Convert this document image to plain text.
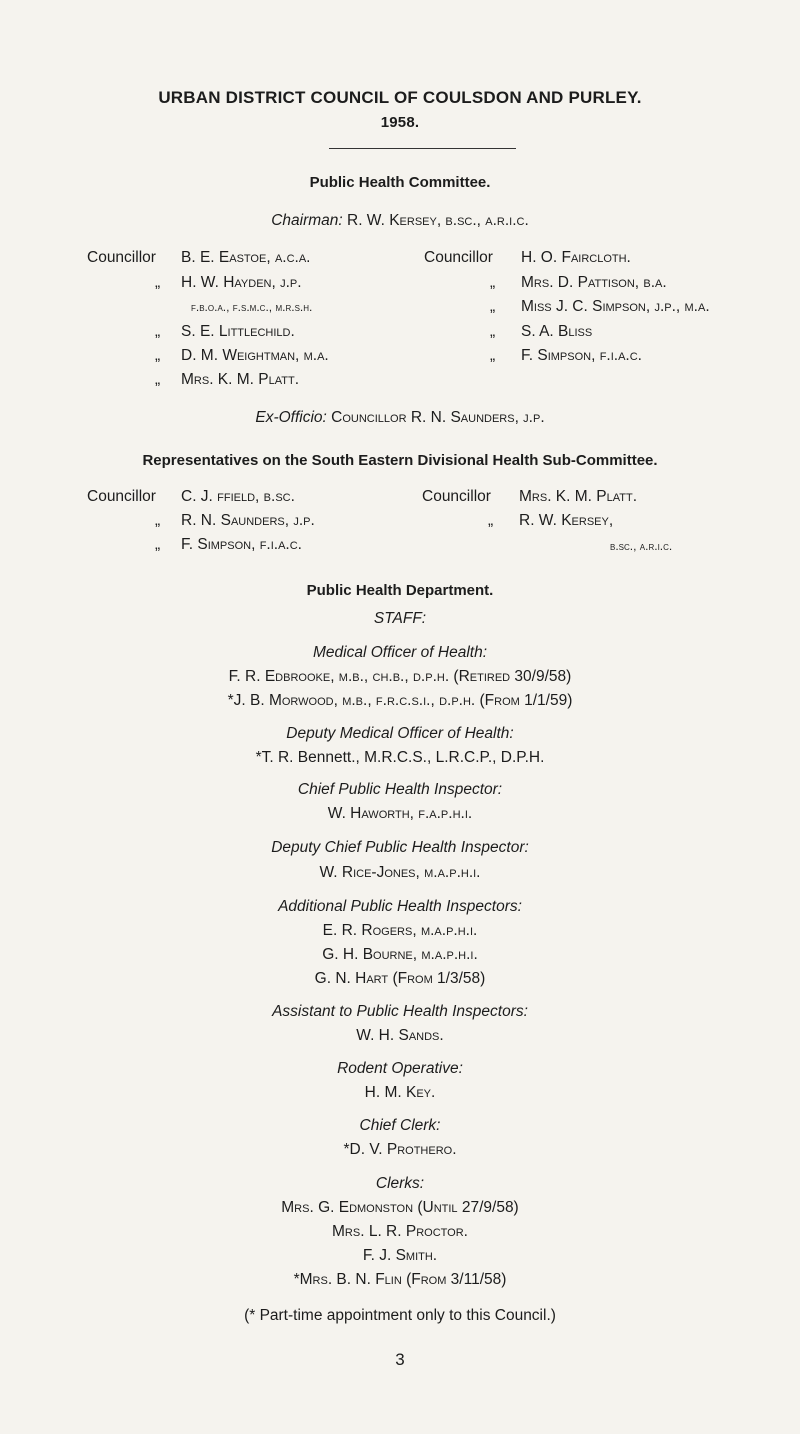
URBAN DISTRICT COUNCIL OF COULSDON AND PURLEY.
1958.
Public Health Committee.
Chairman: R. W. Kersey, b.sc., a.r.i.c.
Councillor B. E. Eastoe, a.c.a.
„ H. W. Hayden, j.p.
f.b.o.a., f.s.m.c., m.r.s.h.
„ S. E. Littlechild.
„ D. M. Weightman, m.a.
„ Mrs. K. M. Platt.
Councillor H. O. Faircloth.
„ Mrs. D. Pattison, b.a.
„ Miss J. C. Simpson, j.p., m.a.
„ S. A. Bliss
„ F. Simpson, f.i.a.c.
Ex-Officio: Councillor R. N. Saunders, j.p.
Representatives on the South Eastern Divisional Health Sub-Committee.
Councillor C. J. ffield, b.sc.
„ R. N. Saunders, j.p.
„ F. Simpson, f.i.a.c.
Councillor Mrs. K. M. Platt.
„ R. W. Kersey,
b.sc., a.r.i.c.
Public Health Department.
STAFF:
Medical Officer of Health:
F. R. Edbrooke, m.b., ch.b., d.p.h. (Retired 30/9/58)
*J. B. Morwood, m.b., f.r.c.s.i., d.p.h. (From 1/1/59)
Deputy Medical Officer of Health:
*T. R. Bennett., M.R.C.S., L.R.C.P., D.P.H.
Chief Public Health Inspector:
W. Haworth, f.a.p.h.i.
Deputy Chief Public Health Inspector:
W. Rice-Jones, m.a.p.h.i.
Additional Public Health Inspectors:
E. R. Rogers, m.a.p.h.i.
G. H. Bourne, m.a.p.h.i.
G. N. Hart (From 1/3/58)
Assistant to Public Health Inspectors:
W. H. Sands.
Rodent Operative:
H. M. Key.
Chief Clerk:
*D. V. Prothero.
Clerks:
Mrs. G. Edmonston (Until 27/9/58)
Mrs. L. R. Proctor.
F. J. Smith.
*Mrs. B. N. Flin (From 3/11/58)
(* Part-time appointment only to this Council.)
3
